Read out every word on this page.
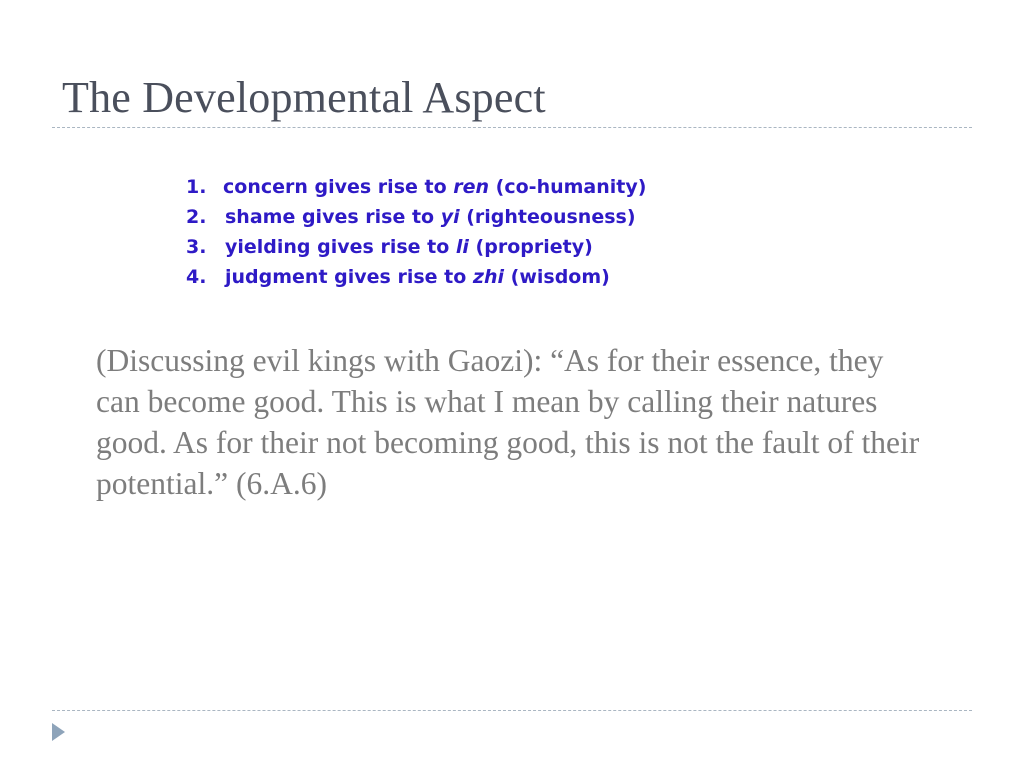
The Developmental Aspect
1. concern gives rise to ren (co-humanity)
2. shame gives rise to yi (righteousness)
3. yielding gives rise to li (propriety)
4. judgment gives rise to zhi (wisdom)
(Discussing evil kings with Gaozi): “As for their essence, they can become good. This is what I mean by calling their natures good. As for their not becoming good, this is not the fault of their potential.” (6.A.6)
